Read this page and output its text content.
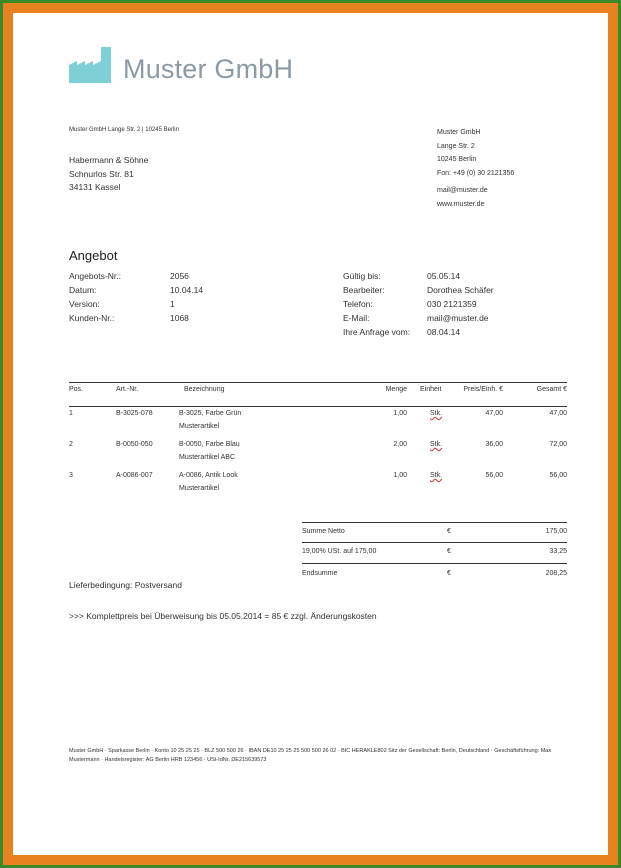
Muster GmbH
Muster GmbH Lange Str. 2 | 10245 Berlin
Habermann & Söhne
Schnurlos Str. 81
34131 Kassel
Muster GmbH
Lange Str. 2
10245 Berlin
Fon: +49 (0) 30 2121356
mail@muster.de
www.muster.de
Angebot
Angebots-Nr.:	2056
Datum:	10.04.14
Version:	1
Kunden-Nr.:	1068
Gültig bis:	05.05.14
Bearbeiter:	Dorothea Schäfer
Telefon:	030 2121359
E-Mail:	mail@muster.de
Ihre Anfrage vom: 08.04.14
Pos.	Art.-Nr.	Bezeichnung	Menge Einheit	Preis/Einh. €	Gesamt €
1	B-3025-078	B-3025, Farbe Grün
Musterartikel
1,00	Stk.	47,00	47,00
2	B-0050-050	B-0050, Farbe Blau
Musterartikel ABC
2,00	Stk.	36,00	72,00
3	A-0086-007	A-0086, Antik Look
Musterartikel
1,00	Stk.	56,00	56,00
Summe Netto	€	175,00
19,00% USt. auf 175,00	€	33,25
Endsumme	€	208,25
Lieferbedingung: Postversand
>>> Komplettpreis bei Überweisung bis 05.05.2014 = 85 € zzgl. Änderungskosten
Muster GmbH · Sparkasse Berlin · Konto 10 25 25 25 · BLZ 500 500 26 · IBAN DE10 25 25 25 500 500 26 02 · BIC HERAKLE802 Sitz der Gesellschaft: Berlin, Deutschland · Geschäftsführung: Max Mustermann · Handelsregister: AG Berlin HRB 123456 · USt-IdNr. DE215639573
